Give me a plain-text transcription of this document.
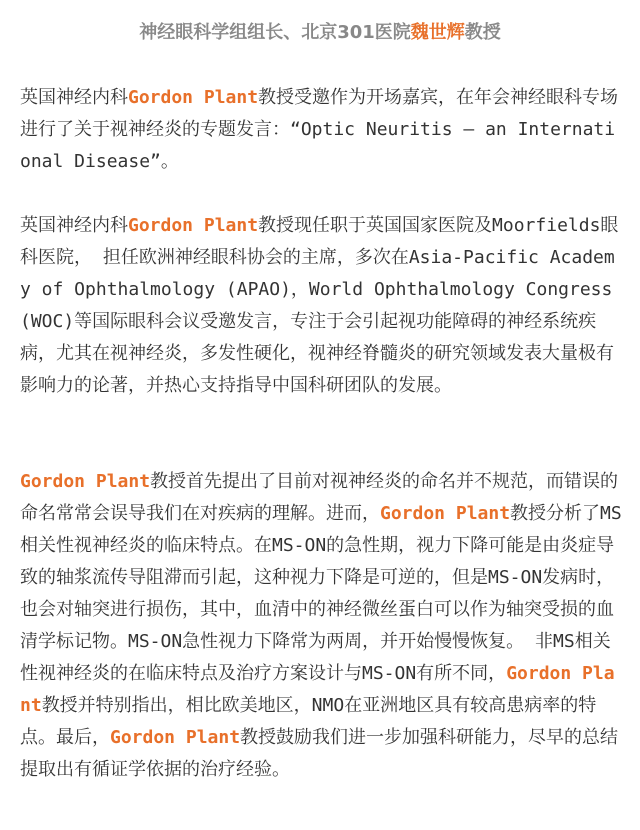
神经眼科学组组长、北京301医院魏世辉教授

英国神经内科Gordon Plant教授受邀作为开场嘉宾，在年会神经眼科专场进行了关于视神经炎的专题发言：“Optic Neuritis – an International Disease”。

英国神经内科Gordon Plant教授现任职于英国国家医院及Moorfields眼科医院， 担任欧洲神经眼科协会的主席，多次在Asia-Pacific Academy of Ophthalmology (APAO)，World Ophthalmology Congress (WOC)等国际眼科会议受邀发言，专注于会引起视功能障碍的神经系统疾病，尤其在视神经炎，多发性硬化，视神经脊髓炎的研究领域发表大量极有影响力的论著，并热心支持指导中国科研团队的发展。

Gordon Plant教授首先提出了目前对视神经炎的命名并不规范，而错误的命名常常会误导我们在对疾病的理解。进而，Gordon Plant教授分析了MS相关性视神经炎的临床特点。在MS-ON的急性期，视力下降可能是由炎症导致的轴浆流传导阻滞而引起，这种视力下降是可逆的，但是MS-ON发病时，也会对轴突进行损伤，其中，血清中的神经微丝蛋白可以作为轴突受损的血清学标记物。MS-ON急性视力下降常为两周，并开始慢慢恢复。 非MS相关性视神经炎的在临床特点及治疗方案设计与MS-ON有所不同，Gordon Plant教授并特别指出，相比欧美地区，NMO在亚洲地区具有较高患病率的特点。最后，Gordon Plant教授鼓励我们进一步加强科研能力，尽早的总结提取出有循证学依据的治疗经验。
